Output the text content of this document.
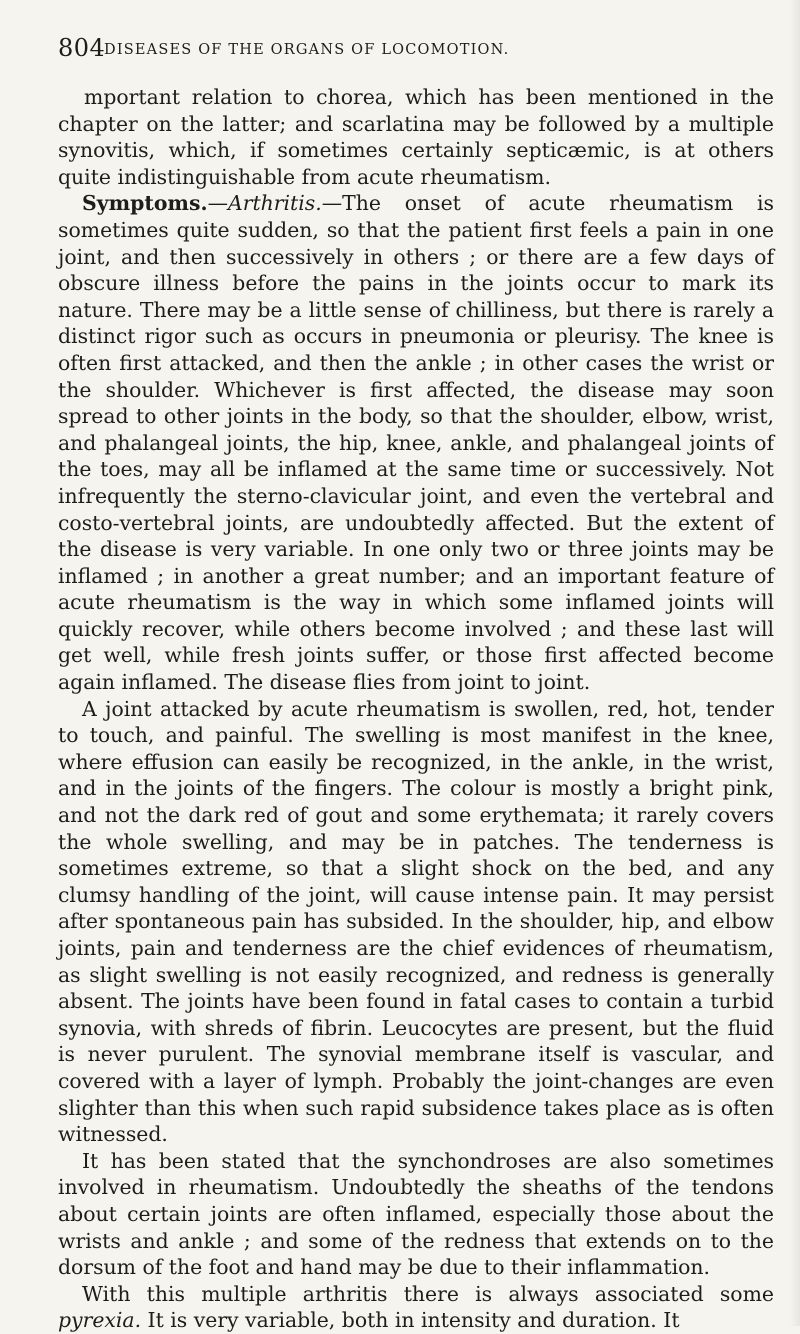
804
DISEASES OF THE ORGANS OF LOCOMOTION.

mportant relation to chorea, which has been mentioned in the chapter on the latter; and scarlatina may be followed by a multiple synovitis, which, if sometimes certainly septicæmic, is at others quite indistinguishable from acute rheumatism.

Symptoms.—Arthritis.—The onset of acute rheumatism is sometimes quite sudden, so that the patient first feels a pain in one joint, and then successively in others ; or there are a few days of obscure illness before the pains in the joints occur to mark its nature. There may be a little sense of chilliness, but there is rarely a distinct rigor such as occurs in pneumonia or pleurisy. The knee is often first attacked, and then the ankle ; in other cases the wrist or the shoulder. Whichever is first affected, the disease may soon spread to other joints in the body, so that the shoulder, elbow, wrist, and phalangeal joints, the hip, knee, ankle, and phalangeal joints of the toes, may all be inflamed at the same time or successively. Not infrequently the sterno-clavicular joint, and even the vertebral and costo-vertebral joints, are undoubtedly affected. But the extent of the disease is very variable. In one only two or three joints may be inflamed ; in another a great number; and an important feature of acute rheumatism is the way in which some inflamed joints will quickly recover, while others become involved ; and these last will get well, while fresh joints suffer, or those first affected become again inflamed. The disease flies from joint to joint.

A joint attacked by acute rheumatism is swollen, red, hot, tender to touch, and painful. The swelling is most manifest in the knee, where effusion can easily be recognized, in the ankle, in the wrist, and in the joints of the fingers. The colour is mostly a bright pink, and not the dark red of gout and some erythemata; it rarely covers the whole swelling, and may be in patches. The tenderness is sometimes extreme, so that a slight shock on the bed, and any clumsy handling of the joint, will cause intense pain. It may persist after spontaneous pain has subsided. In the shoulder, hip, and elbow joints, pain and tenderness are the chief evidences of rheumatism, as slight swelling is not easily recognized, and redness is generally absent. The joints have been found in fatal cases to contain a turbid synovia, with shreds of fibrin. Leucocytes are present, but the fluid is never purulent. The synovial membrane itself is vascular, and covered with a layer of lymph. Probably the joint-changes are even slighter than this when such rapid subsidence takes place as is often witnessed.

It has been stated that the synchondroses are also sometimes involved in rheumatism. Undoubtedly the sheaths of the tendons about certain joints are often inflamed, especially those about the wrists and ankle ; and some of the redness that extends on to the dorsum of the foot and hand may be due to their inflammation.

With this multiple arthritis there is always associated some pyrexia. It is very variable, both in intensity and duration. It
